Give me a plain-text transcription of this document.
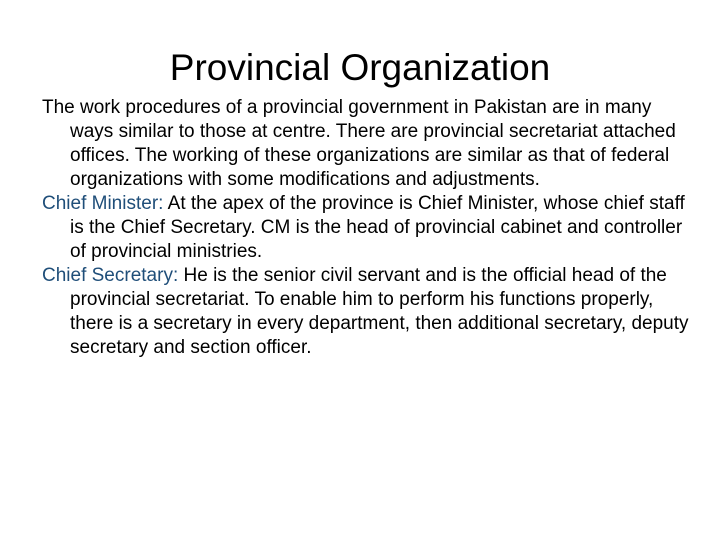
Provincial Organization

The work procedures of a provincial government in Pakistan are in many ways similar to those at centre. There are provincial secretariat attached offices. The working of these organizations are similar as that of federal organizations with some modifications and adjustments.

Chief Minister: At the apex of the province is Chief Minister, whose chief staff is the Chief Secretary. CM is the head of provincial cabinet and controller of provincial ministries.

Chief Secretary: He is the senior civil servant and is the official head of the provincial secretariat. To enable him to perform his functions properly, there is a secretary in every department, then additional secretary, deputy secretary and section officer.
